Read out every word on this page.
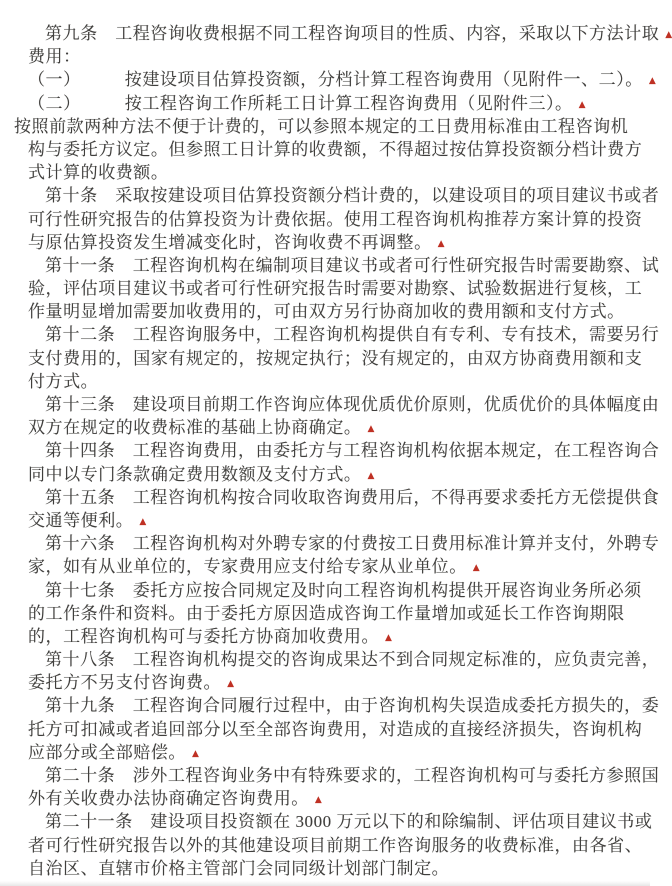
第九条　工程咨询收费根据不同工程咨询项目的性质、内容，采取以下方法计取 ▲
费用：
（一）　　　按建设项目估算投资额，分档计算工程咨询费用（见附件一、二）。 ▲
（二）　　　按工程咨询工作所耗工日计算工程咨询费用（见附件三）。 ▲
按照前款两种方法不便于计费的，可以参照本规定的工日费用标准由工程咨询机
构与委托方议定。但参照工日计算的收费额，不得超过按估算投资额分档计费方
式计算的收费额。
第十条　采取按建设项目估算投资额分档计费的，以建设项目的项目建议书或者
可行性研究报告的估算投资为计费依据。使用工程咨询机构推荐方案计算的投资
与原估算投资发生增减变化时，咨询收费不再调整。 ▲
第十一条　工程咨询机构在编制项目建议书或者可行性研究报告时需要勘察、试
验，评估项目建议书或者可行性研究报告时需要对勘察、试验数据进行复核，工
作量明显增加需要加收费用的，可由双方另行协商加收的费用额和支付方式。
第十二条　工程咨询服务中，工程咨询机构提供自有专利、专有技术，需要另行
支付费用的，国家有规定的，按规定执行；没有规定的，由双方协商费用额和支
付方式。
第十三条　建设项目前期工作咨询应体现优质优价原则，优质优价的具体幅度由
双方在规定的收费标准的基础上协商确定。 ▲
第十四条　工程咨询费用，由委托方与工程咨询机构依据本规定，在工程咨询合
同中以专门条款确定费用数额及支付方式。 ▲
第十五条　工程咨询机构按合同收取咨询费用后，不得再要求委托方无偿提供食
交通等便利。 ▲
第十六条　工程咨询机构对外聘专家的付费按工日费用标准计算并支付，外聘专
家，如有从业单位的，专家费用应支付给专家从业单位。 ▲
第十七条　委托方应按合同规定及时向工程咨询机构提供开展咨询业务所必须
的工作条件和资料。由于委托方原因造成咨询工作量增加或延长工作咨询期限
的，工程咨询机构可与委托方协商加收费用。 ▲
第十八条　工程咨询机构提交的咨询成果达不到合同规定标准的，应负责完善，
委托方不另支付咨询费。 ▲
第十九条　工程咨询合同履行过程中，由于咨询机构失误造成委托方损失的，委
托方可扣减或者追回部分以至全部咨询费用，对造成的直接经济损失，咨询机构
应部分或全部赔偿。 ▲
第二十条　涉外工程咨询业务中有特殊要求的，工程咨询机构可与委托方参照国
外有关收费办法协商确定咨询费用。 ▲
第二十一条　建设项目投资额在 3000 万元以下的和除编制、评估项目建议书或
者可行性研究报告以外的其他建设项目前期工作咨询服务的收费标准，由各省、
自治区、直辖市价格主管部门会同同级计划部门制定。
